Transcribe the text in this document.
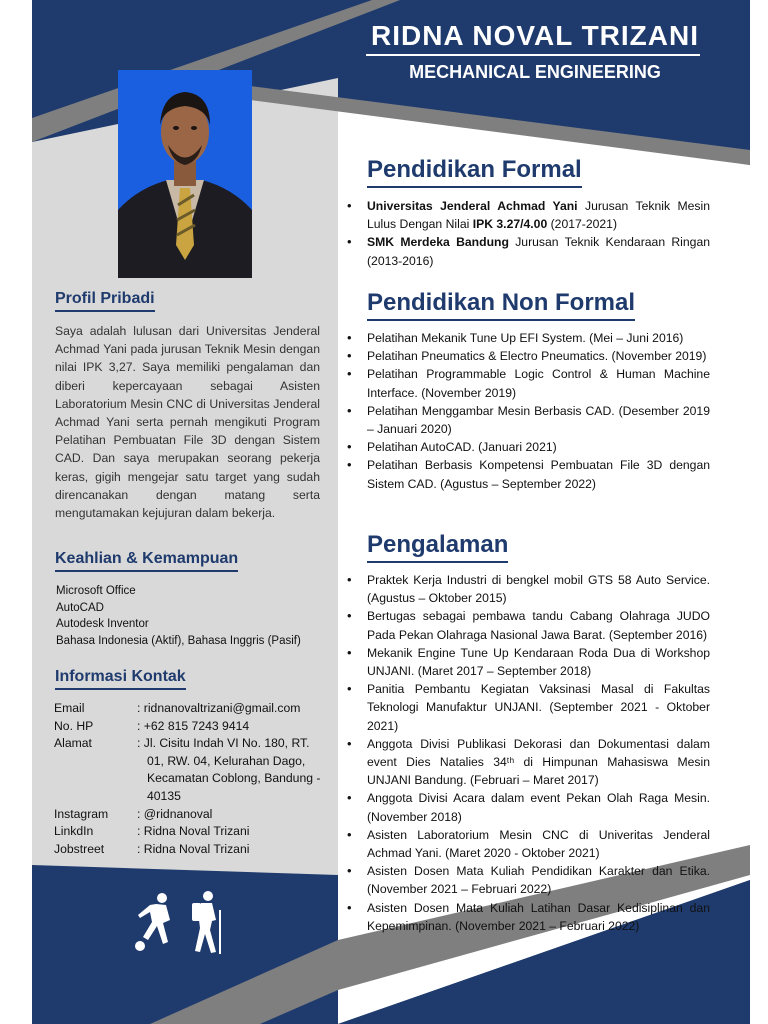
RIDNA NOVAL TRIZANI
MECHANICAL ENGINEERING
Profil Pribadi
Saya adalah lulusan dari Universitas Jenderal Achmad Yani pada jurusan Teknik Mesin dengan nilai IPK 3,27. Saya memiliki pengalaman dan diberi kepercayaan sebagai Asisten Laboratorium Mesin CNC di Universitas Jenderal Achmad Yani serta pernah mengikuti Program Pelatihan Pembuatan File 3D dengan Sistem CAD. Dan saya merupakan seorang pekerja keras, gigih mengejar satu target yang sudah direncanakan dengan matang serta mengutamakan kejujuran dalam bekerja.
Keahlian & Kemampuan
Microsoft Office
AutoCAD
Autodesk Inventor
Bahasa Indonesia (Aktif), Bahasa Inggris (Pasif)
Informasi Kontak
Email	: ridnanovaltrizani@gmail.com
No. HP	: +62 815 7243 9414
Alamat	: Jl. Cisitu Indah VI No. 180, RT. 01, RW. 04, Kelurahan Dago, Kecamatan Coblong, Bandung - 40135
Instagram	: @ridnanoval
LinkdIn	: Ridna Noval Trizani
Jobstreet	: Ridna Noval Trizani
Hobi
Pendidikan Formal
• Universitas Jenderal Achmad Yani Jurusan Teknik Mesin Lulus Dengan Nilai IPK 3.27/4.00 (2017-2021)
• SMK Merdeka Bandung Jurusan Teknik Kendaraan Ringan (2013-2016)
Pendidikan Non Formal
• Pelatihan Mekanik Tune Up EFI System. (Mei – Juni 2016)
• Pelatihan Pneumatics & Electro Pneumatics. (November 2019)
• Pelatihan Programmable Logic Control & Human Machine Interface. (November 2019)
• Pelatihan Menggambar Mesin Berbasis CAD. (Desember 2019 – Januari 2020)
• Pelatihan AutoCAD. (Januari 2021)
• Pelatihan Berbasis Kompetensi Pembuatan File 3D dengan Sistem CAD. (Agustus – September 2022)
Pengalaman
• Praktek Kerja Industri di bengkel mobil GTS 58 Auto Service. (Agustus – Oktober 2015)
• Bertugas sebagai pembawa tandu Cabang Olahraga JUDO Pada Pekan Olahraga Nasional Jawa Barat. (September 2016)
• Mekanik Engine Tune Up Kendaraan Roda Dua di Workshop UNJANI. (Maret 2017 – September 2018)
• Panitia Pembantu Kegiatan Vaksinasi Masal di Fakultas Teknologi Manufaktur UNJANI. (September 2021 - Oktober 2021)
• Anggota Divisi Publikasi Dekorasi dan Dokumentasi dalam event Dies Natalies 34ᵗʰ di Himpunan Mahasiswa Mesin UNJANI Bandung. (Februari – Maret 2017)
• Anggota Divisi Acara dalam event Pekan Olah Raga Mesin. (November 2018)
• Asisten Laboratorium Mesin CNC di Univeritas Jenderal Achmad Yani. (Maret 2020 - Oktober 2021)
• Asisten Dosen Mata Kuliah Pendidikan Karakter dan Etika. (November 2021 – Februari 2022)
• Asisten Dosen Mata Kuliah Latihan Dasar Kedisiplinan dan Kepemimpinan. (November 2021 – Februari 2022)
